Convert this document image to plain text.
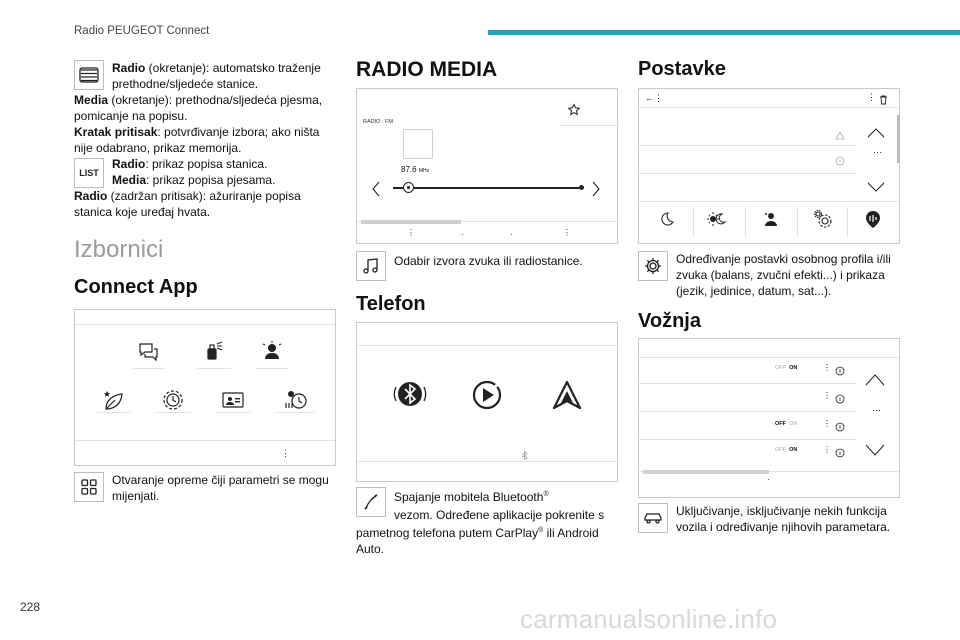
Radio PEUGEOT Connect
Radio (okretanje): automatsko traženje prethodne/sljedeće stanice.
Media (okretanje): prethodna/sljedeća pjesma, pomicanje na popisu.
Kratak pritisak: potvrđivanje izbora; ako ništa nije odabrano, prikaz memorija.
LIST
Radio: prikaz popisa stanica.
Media: prikaz popisa pjesama.
Radio (zadržan pritisak): ažuriranje popisa stanica koje uređaj hvata.
Izbornici
Connect App
⋮
Otvaranje opreme čiji parametri se mogu mijenjati.
RADIO MEDIA
RADIO : FM
87.6 MHz
⋮	·	·	⋮
Odabir izvora zvuka ili radiostanice.
Telefon
Spajanje mobitela Bluetooth®

vezom. Određene aplikacije pokrenite s pametnog telefona putem CarPlay® ili Android Auto.
Postavke
←⋮	⋮
···
Određivanje postavki osobnog profila i/ili zvuka (balans, zvučni efekti...) i prikaza (jezik, jedinice, datum, sat...).
Vožnja
OFF ON	⋮
⋮
OFF ON	⋮
OFF ON	⋮
···
·
Uključivanje, isključivanje nekih funkcija vozila i određivanje njihovih parametara.
228	carmanualsonline.info
